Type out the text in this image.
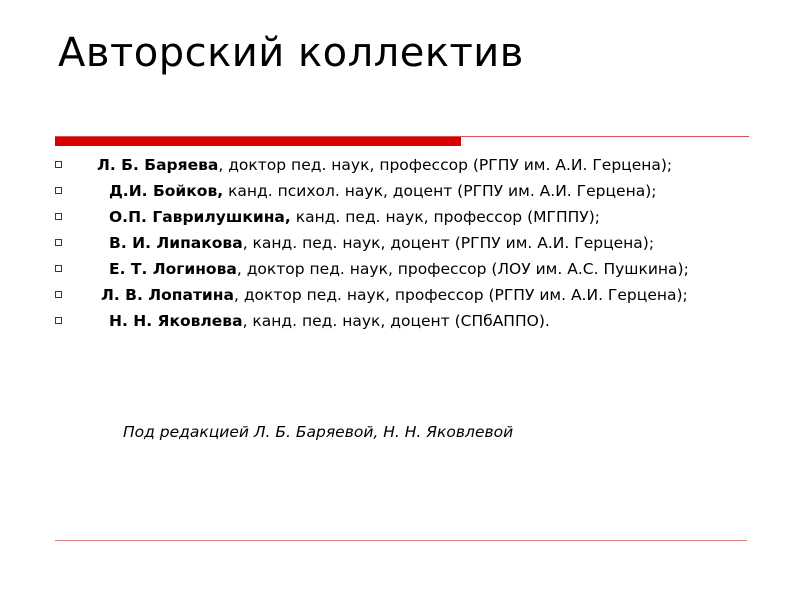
Авторский коллектив
Л. Б. Баряева, доктор пед. наук, профессор (РГПУ им. А.И. Герцена);
Д.И. Бойков, канд. психол. наук, доцент (РГПУ им. А.И. Герцена);
О.П. Гаврилушкина, канд. пед. наук, профессор (МГППУ);
В. И. Липакова, канд. пед. наук, доцент (РГПУ им. А.И. Герцена);
Е. Т. Логинова, доктор пед. наук, профессор (ЛОУ им. А.С. Пушкина);
Л. В. Лопатина, доктор пед. наук, профессор (РГПУ им. А.И. Герцена);
Н. Н. Яковлева, канд. пед. наук, доцент (СПбАППО).
Под редакцией Л. Б. Баряевой, Н. Н. Яковлевой
